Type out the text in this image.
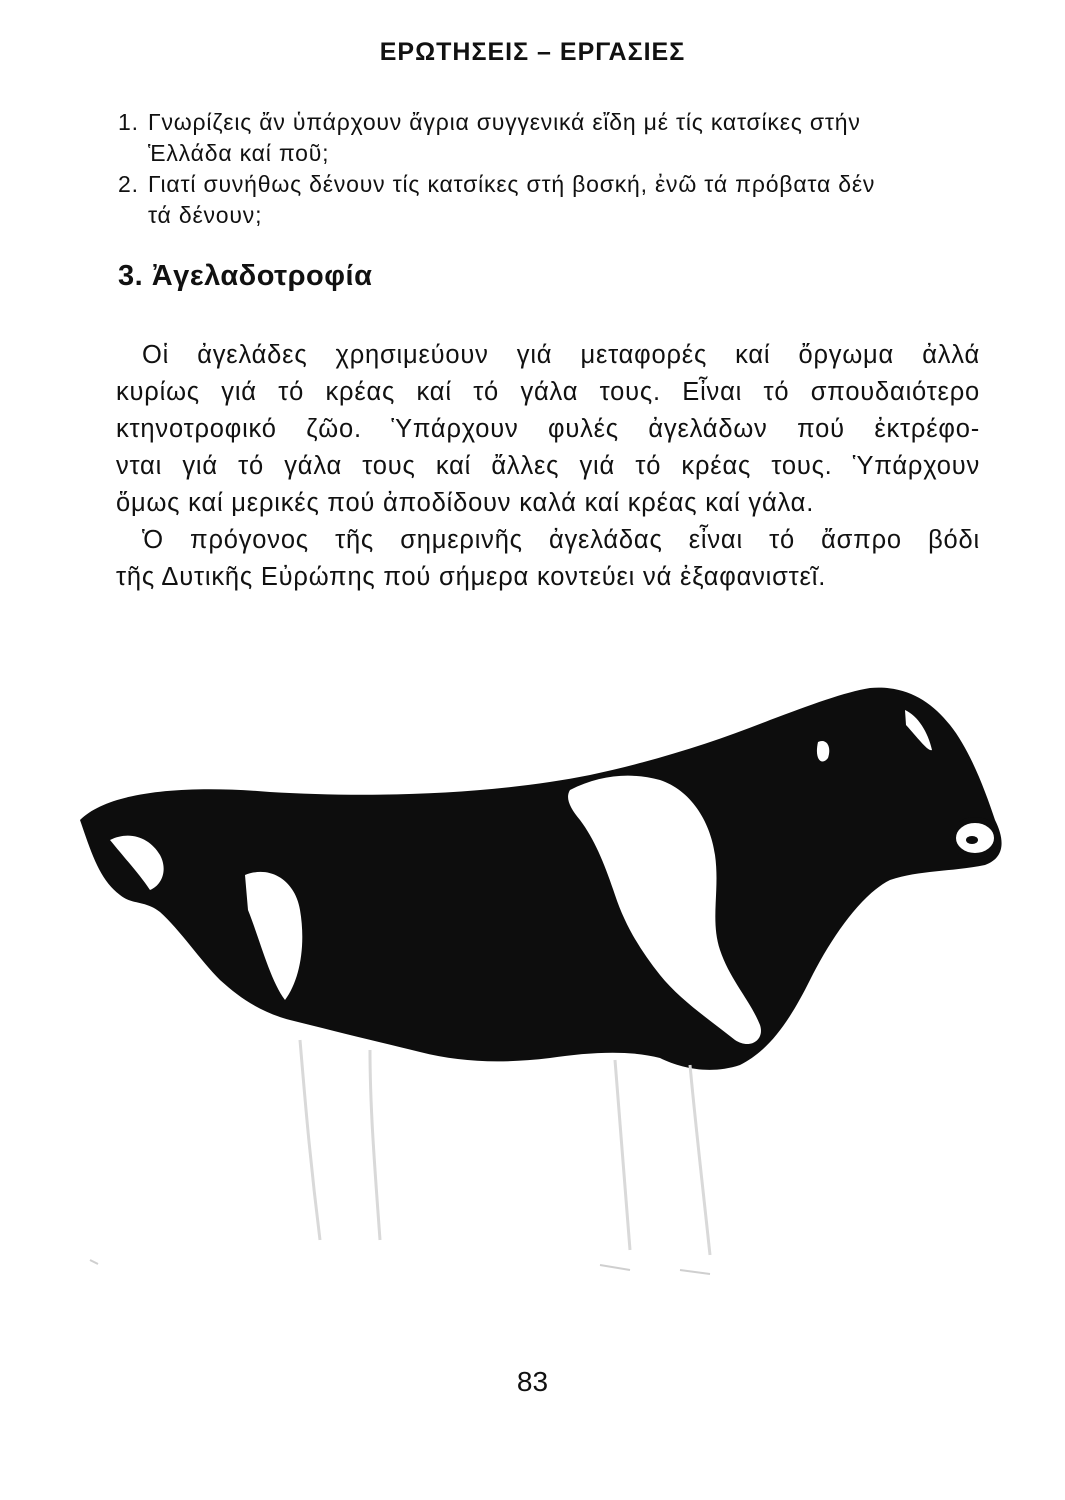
ΕΡΩΤΗΣΕΙΣ – ΕΡΓΑΣΙΕΣ
1. Γνωρίζεις ἄν ὑπάρχουν ἄγρια συγγενικά εἴδη μέ τίς κατσίκες στήν
Ἑλλάδα καί ποῦ;
2. Γιατί συνήθως δένουν τίς κατσίκες στή βοσκή, ἐνῶ τά πρόβατα δέν
τά δένουν;
3. Ἀγελαδοτροφία
Οἱ ἀγελάδες χρησιμεύουν γιά μεταφορές καί ὄργωμα ἀλλά
κυρίως γιά τό κρέας καί τό γάλα τους. Εἶναι τό σπουδαιότερο
κτηνοτροφικό ζῶο. Ὑπάρχουν φυλές ἀγελάδων πού ἐκτρέφο-
νται γιά τό γάλα τους καί ἄλλες γιά τό κρέας τους. Ὑπάρχουν
ὅμως καί μερικές πού ἀποδίδουν καλά καί κρέας καί γάλα.
Ὁ πρόγονος τῆς σημερινῆς ἀγελάδας εἶναι τό ἄσπρο βόδι
τῆς Δυτικῆς Εὐρώπης πού σήμερα κοντεύει νά ἐξαφανιστεῖ.
83
